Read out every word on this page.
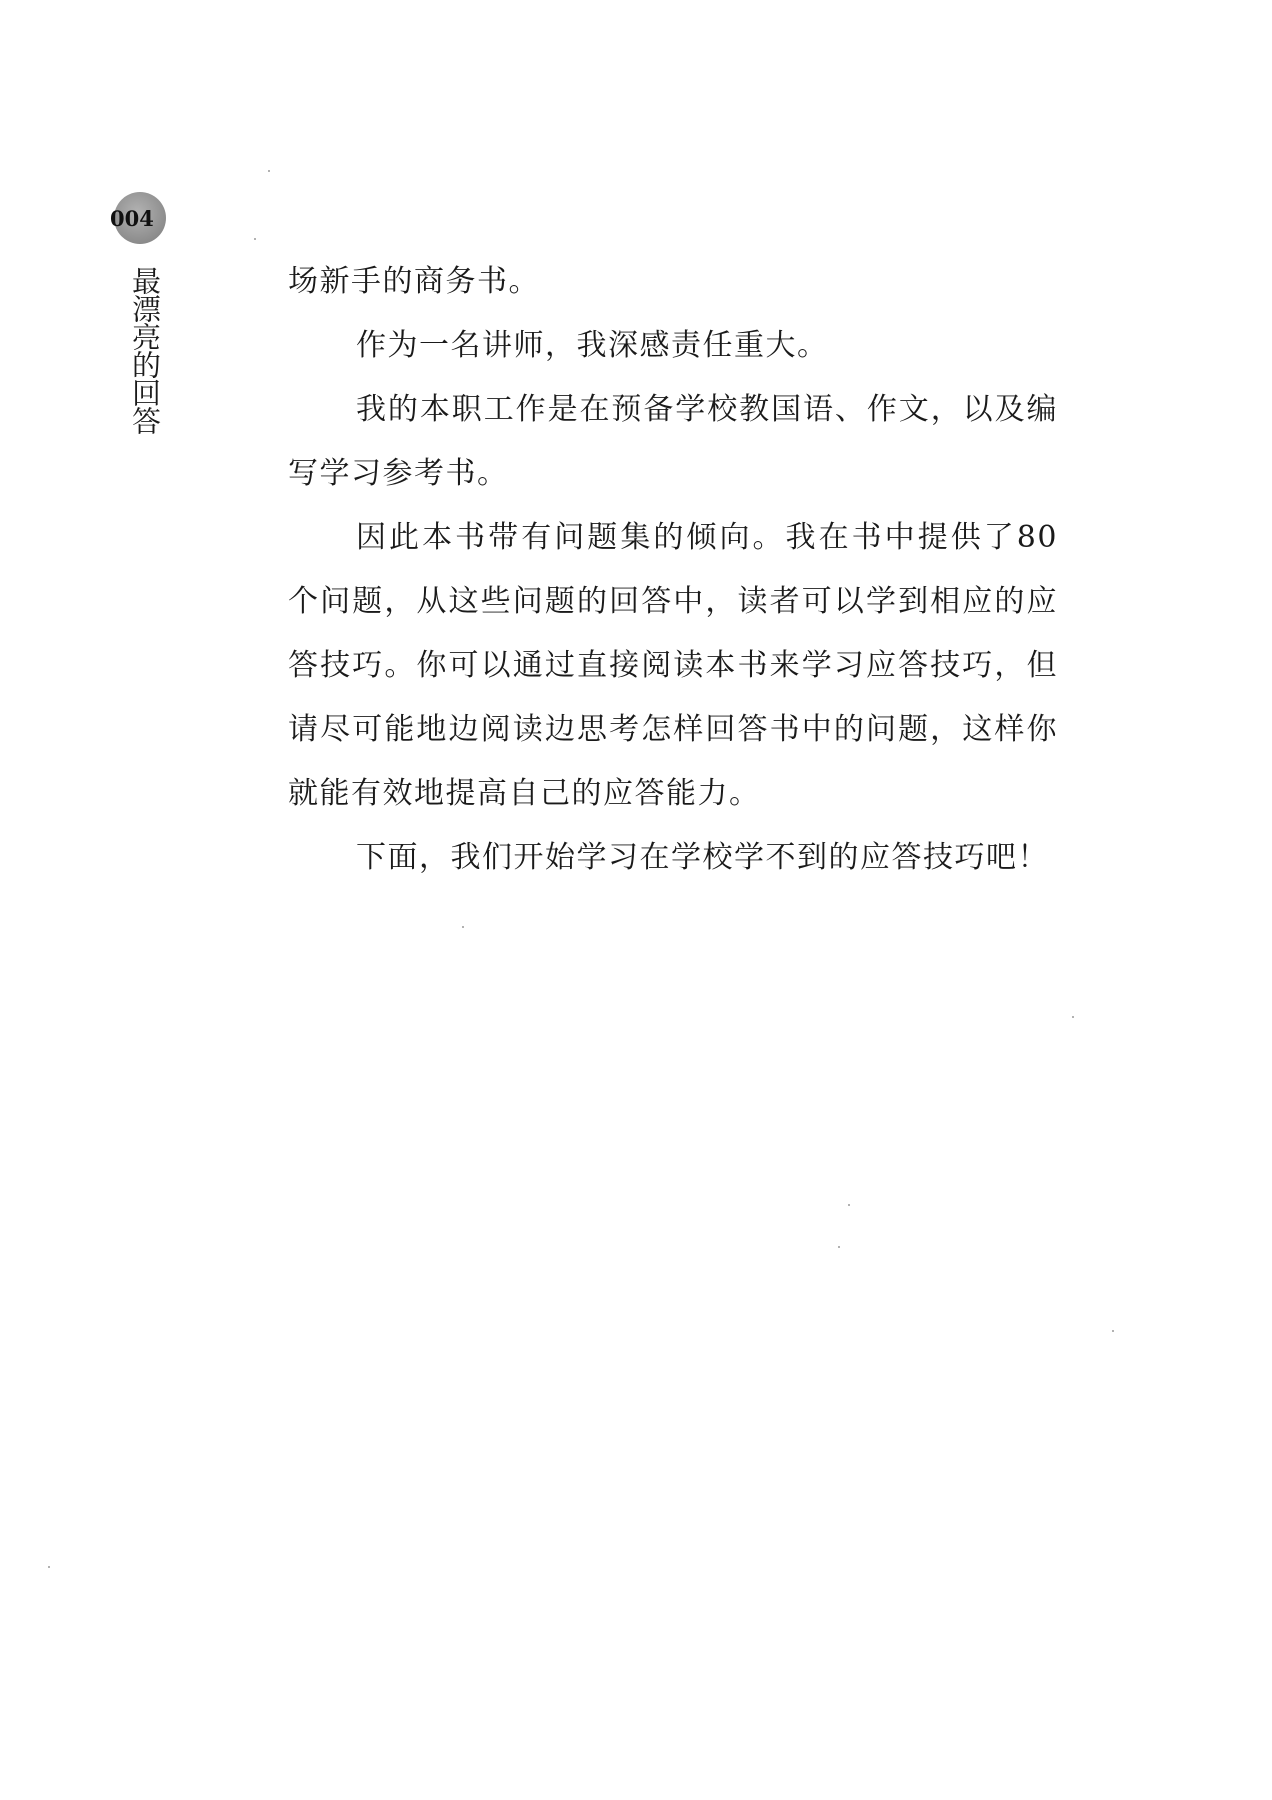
004
最漂亮的回答	场新手的商务书。

作为一名讲师，我深感责任重大。

我的本职工作是在预备学校教国语、作文，以及编写学习参考书。

因此本书带有问题集的倾向。我在书中提供了80个问题，从这些问题的回答中，读者可以学到相应的应答技巧。你可以通过直接阅读本书来学习应答技巧，但请尽可能地边阅读边思考怎样回答书中的问题，这样你就能有效地提高自己的应答能力。

下面，我们开始学习在学校学不到的应答技巧吧！
